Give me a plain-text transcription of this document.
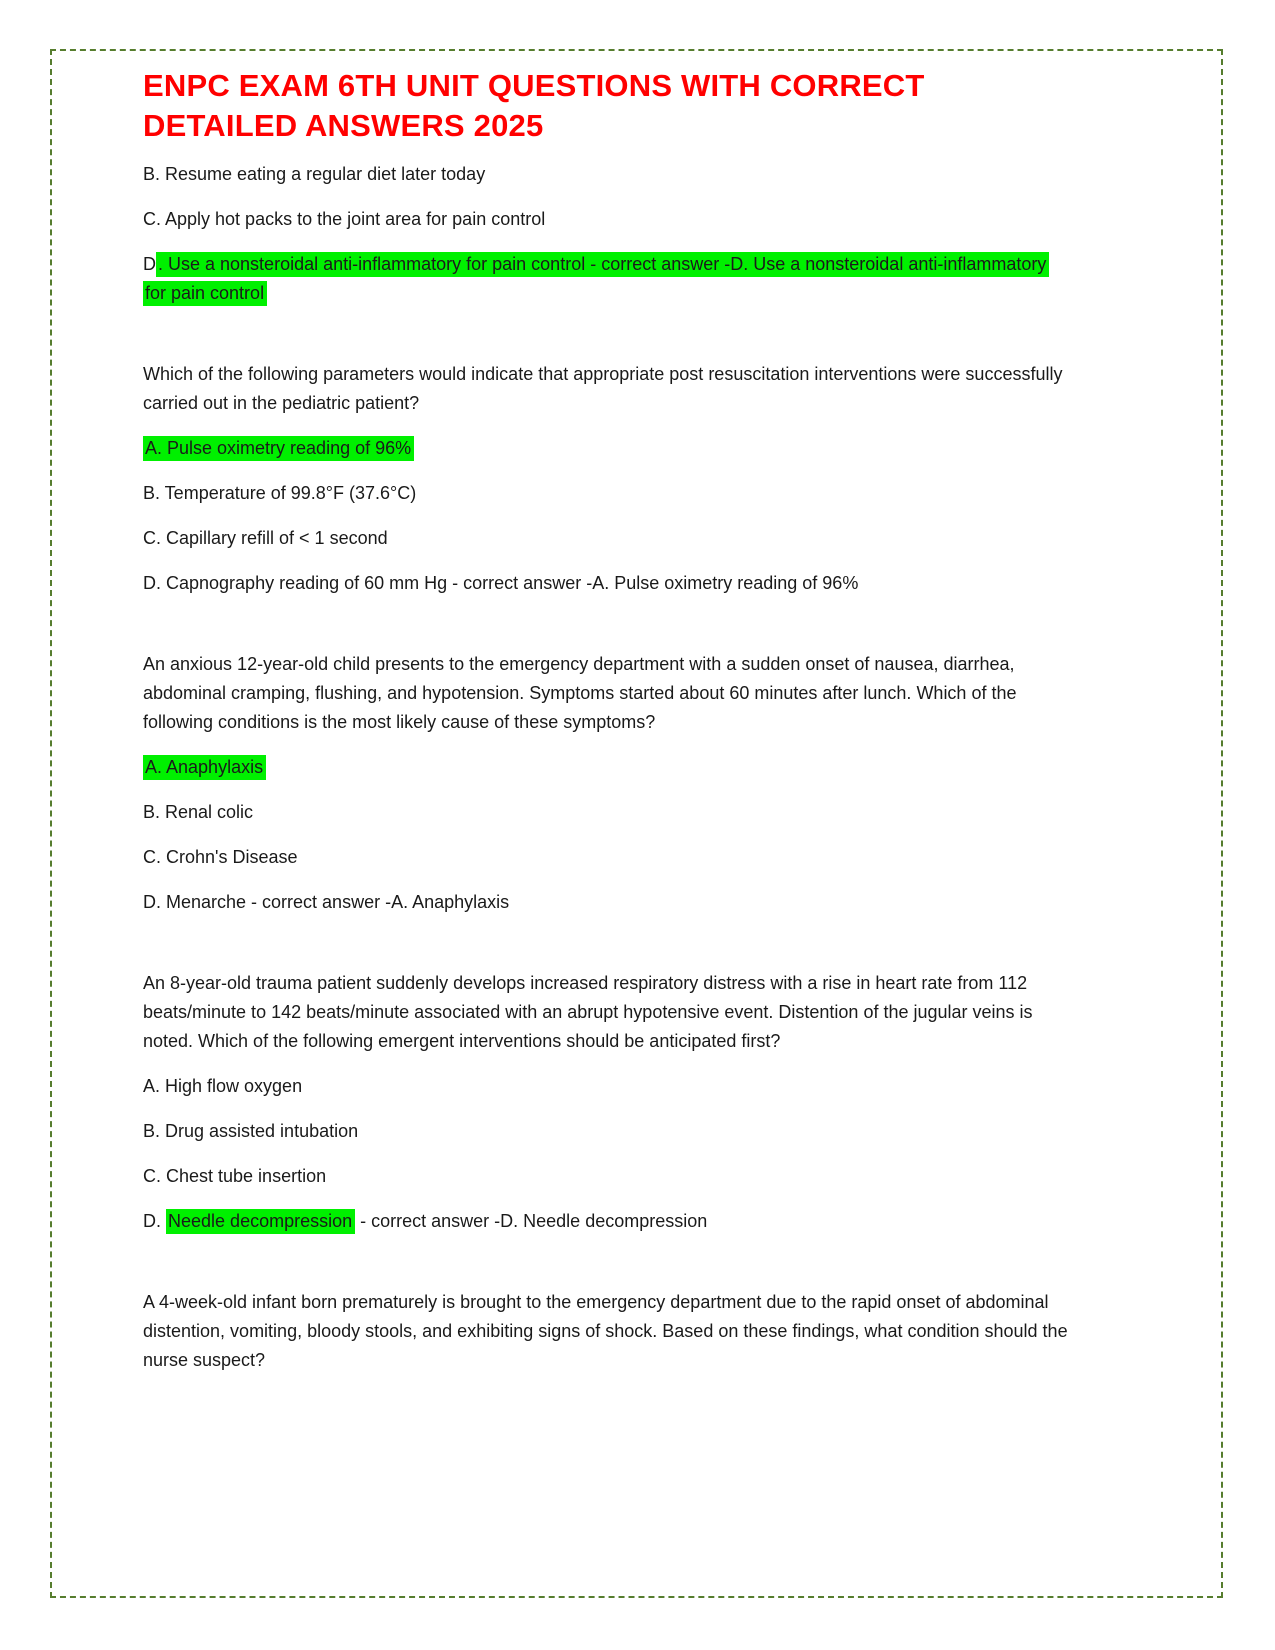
ENPC EXAM 6TH UNIT QUESTIONS WITH CORRECT DETAILED ANSWERS 2025

B. Resume eating a regular diet later today

C. Apply hot packs to the joint area for pain control

D . Use a nonsteroidal anti-inflammatory for pain control - correct answer -D. Use a nonsteroidal anti-inflammatory for pain control

Which of the following parameters would indicate that appropriate post resuscitation interventions were successfully carried out in the pediatric patient?

A. Pulse oximetry reading of 96%

B. Temperature of 99.8°F (37.6°C)

C. Capillary refill of < 1 second

D. Capnography reading of 60 mm Hg - correct answer -A. Pulse oximetry reading of 96%

An anxious 12-year-old child presents to the emergency department with a sudden onset of nausea, diarrhea, abdominal cramping, flushing, and hypotension. Symptoms started about 60 minutes after lunch. Which of the following conditions is the most likely cause of these symptoms?

A. Anaphylaxis

B. Renal colic

C. Crohn's Disease

D. Menarche - correct answer -A. Anaphylaxis

An 8-year-old trauma patient suddenly develops increased respiratory distress with a rise in heart rate from 112 beats/minute to 142 beats/minute associated with an abrupt hypotensive event. Distention of the jugular veins is noted. Which of the following emergent interventions should be anticipated first?

A. High flow oxygen

B. Drug assisted intubation

C. Chest tube insertion

D. Needle decompression - correct answer -D. Needle decompression

A 4-week-old infant born prematurely is brought to the emergency department due to the rapid onset of abdominal distention, vomiting, bloody stools, and exhibiting signs of shock. Based on these findings, what condition should the nurse suspect?
